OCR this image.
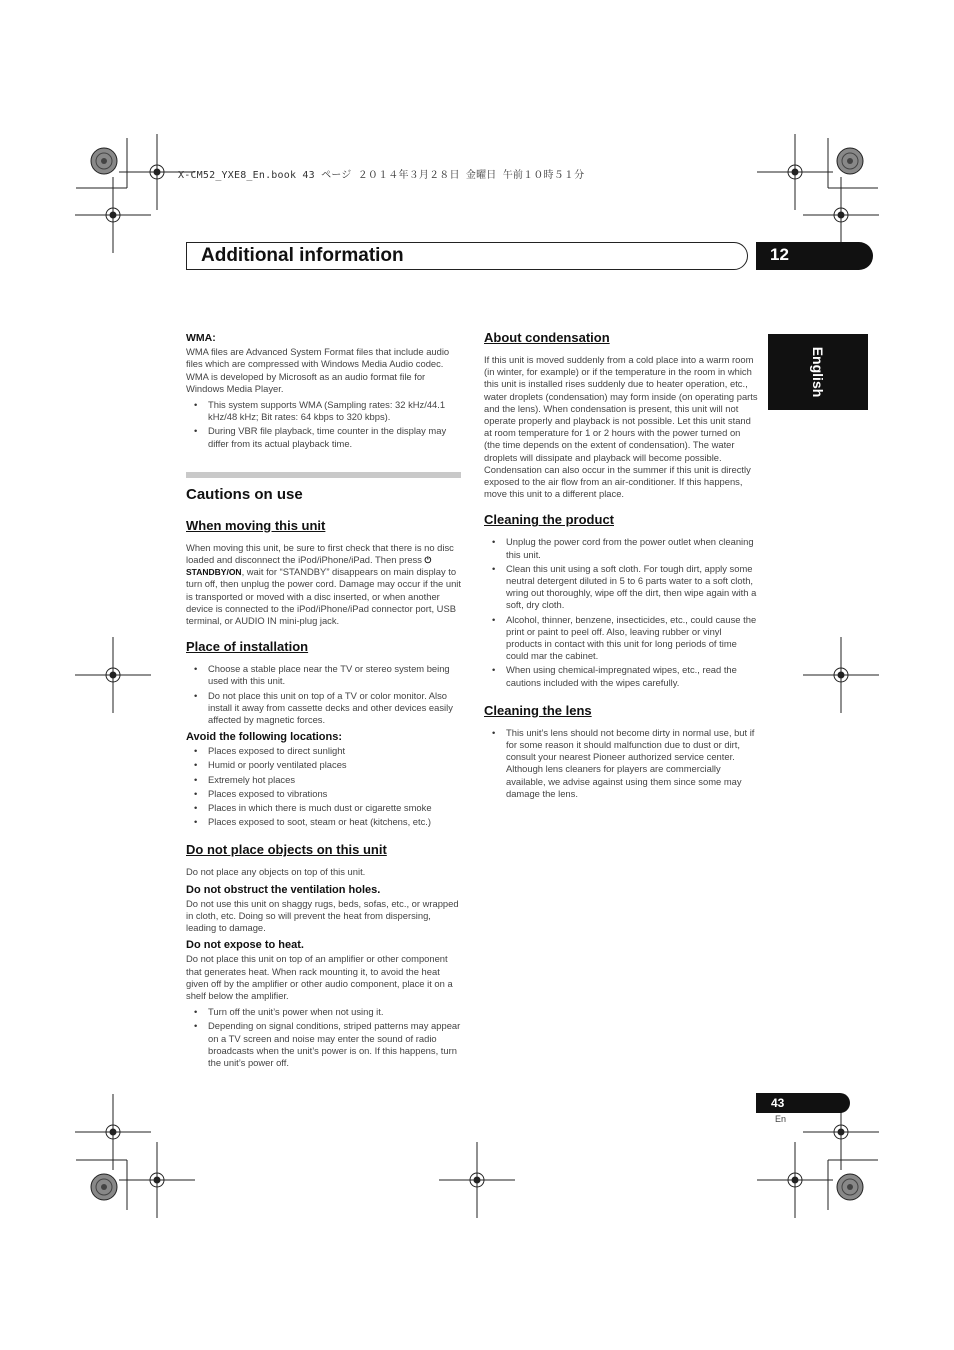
X-CM52_YXE8_En.book 43 ページ ２０１４年３月２８日 金曜日 午前１０時５１分
Additional information	12
English
WMA:

WMA files are Advanced System Format files that include audio files which are compressed with Windows Media Audio codec. WMA is developed by Microsoft as an audio format file for Windows Media Player.

• This system supports WMA (Sampling rates: 32 kHz/44.1 kHz/48 kHz; Bit rates: 64 kbps to 320 kbps).
• During VBR file playback, time counter in the display may differ from its actual playback time.
Cautions on use
When moving this unit

When moving this unit, be sure to first check that there is no disc loaded and disconnect the iPod/iPhone/iPad. Then press ⏻ STANDBY/ON, wait for “STANDBY” disappears on main display to turn off, then unplug the power cord. Damage may occur if the unit is transported or moved with a disc inserted, or when another device is connected to the iPod/iPhone/iPad connector port, USB terminal, or AUDIO IN mini-plug jack.

Place of installation
• Choose a stable place near the TV or stereo system being used with this unit.
• Do not place this unit on top of a TV or color monitor. Also install it away from cassette decks and other devices easily affected by magnetic forces.
Avoid the following locations:
• Places exposed to direct sunlight
• Humid or poorly ventilated places
• Extremely hot places
• Places exposed to vibrations
• Places in which there is much dust or cigarette smoke
• Places exposed to soot, steam or heat (kitchens, etc.)
Do not place objects on this unit

Do not place any objects on top of this unit.

Do not obstruct the ventilation holes.

Do not use this unit on shaggy rugs, beds, sofas, etc., or wrapped in cloth, etc. Doing so will prevent the heat from dispersing, leading to damage.

Do not expose to heat.

Do not place this unit on top of an amplifier or other component that generates heat. When rack mounting it, to avoid the heat given off by the amplifier or other audio component, place it on a shelf below the amplifier.

• Turn off the unit’s power when not using it.
• Depending on signal conditions, striped patterns may appear on a TV screen and noise may enter the sound of radio broadcasts when the unit’s power is on. If this happens, turn the unit’s power off.
About condensation

If this unit is moved suddenly from a cold place into a warm room (in winter, for example) or if the temperature in the room in which this unit is installed rises suddenly due to heater operation, etc., water droplets (condensation) may form inside (on operating parts and the lens). When condensation is present, this unit will not operate properly and playback is not possible. Let this unit stand at room temperature for 1 or 2 hours with the power turned on (the time depends on the extent of condensation). The water droplets will dissipate and playback will become possible. Condensation can also occur in the summer if this unit is directly exposed to the air flow from an air-conditioner. If this happens, move this unit to a different place.

Cleaning the product
• Unplug the power cord from the power outlet when cleaning this unit.
• Clean this unit using a soft cloth. For tough dirt, apply some neutral detergent diluted in 5 to 6 parts water to a soft cloth, wring out thoroughly, wipe off the dirt, then wipe again with a soft, dry cloth.
• Alcohol, thinner, benzene, insecticides, etc., could cause the print or paint to peel off. Also, leaving rubber or vinyl products in contact with this unit for long periods of time could mar the cabinet.
• When using chemical-impregnated wipes, etc., read the cautions included with the wipes carefully.
Cleaning the lens
• This unit’s lens should not become dirty in normal use, but if for some reason it should malfunction due to dust or dirt, consult your nearest Pioneer authorized service center. Although lens cleaners for players are commercially available, we advise against using them since some may damage the lens.
43
En
